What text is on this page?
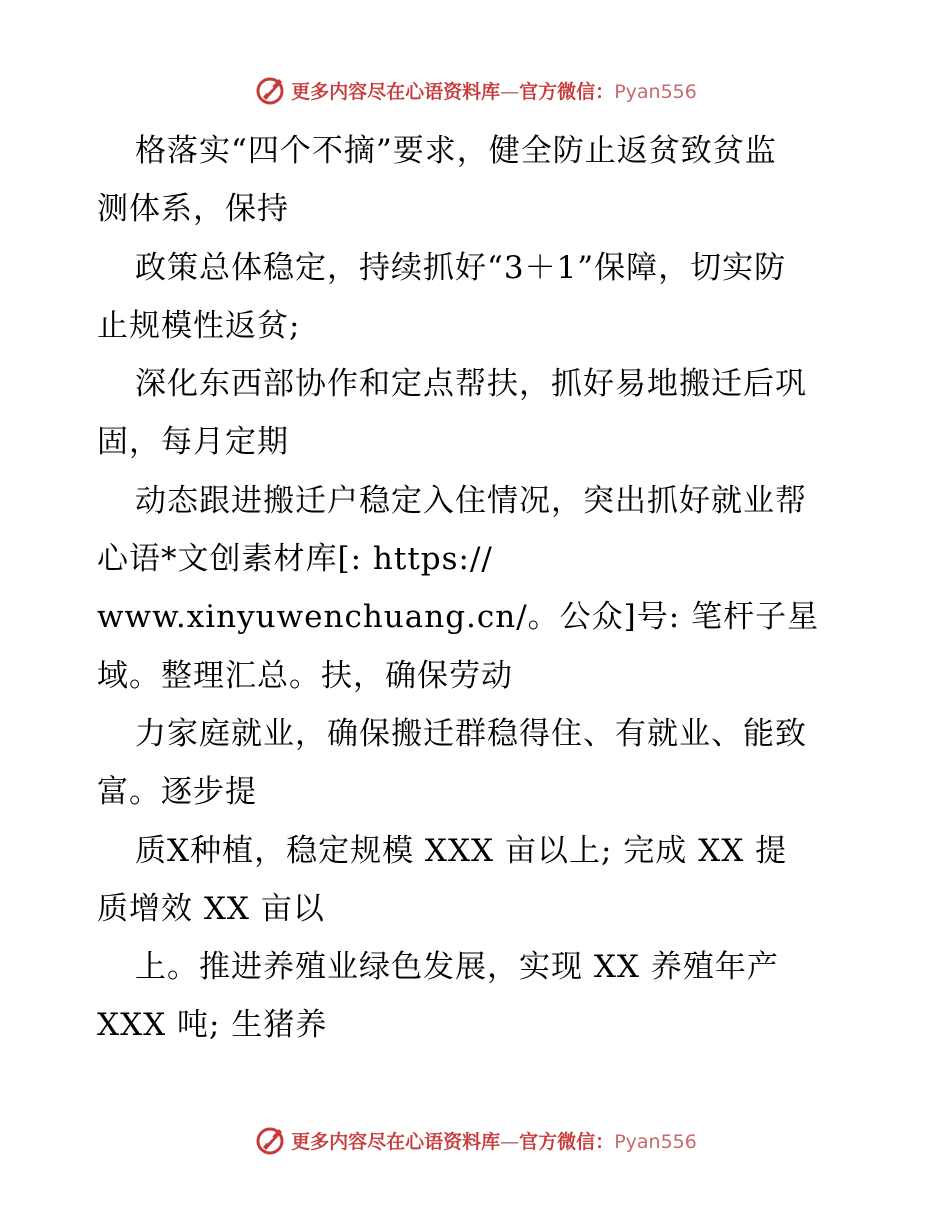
更多内容尽在心语资料库—官方微信：Pyan556
格落实“四个不摘”要求，健全防止返贫致贫监
测体系，保持
政策总体稳定，持续抓好“3＋1”保障，切实防
止规模性返贫;
深化东西部协作和定点帮扶，抓好易地搬迁后巩
固，每月定期
动态跟进搬迁户稳定入住情况，突出抓好就业帮
心语*文创素材库[: https://
www.xinyuwenchuang.cn/。公众]号: 笔杆子星
域。整理汇总。扶，确保劳动
力家庭就业，确保搬迁群稳得住、有就业、能致
富。逐步提
质X种植，稳定规模 XXX 亩以上; 完成 XX 提
质增效 XX 亩以
上。推进养殖业绿色发展，实现 XX 养殖年产
XXX 吨; 生猪养
更多内容尽在心语资料库—官方微信：Pyan556
